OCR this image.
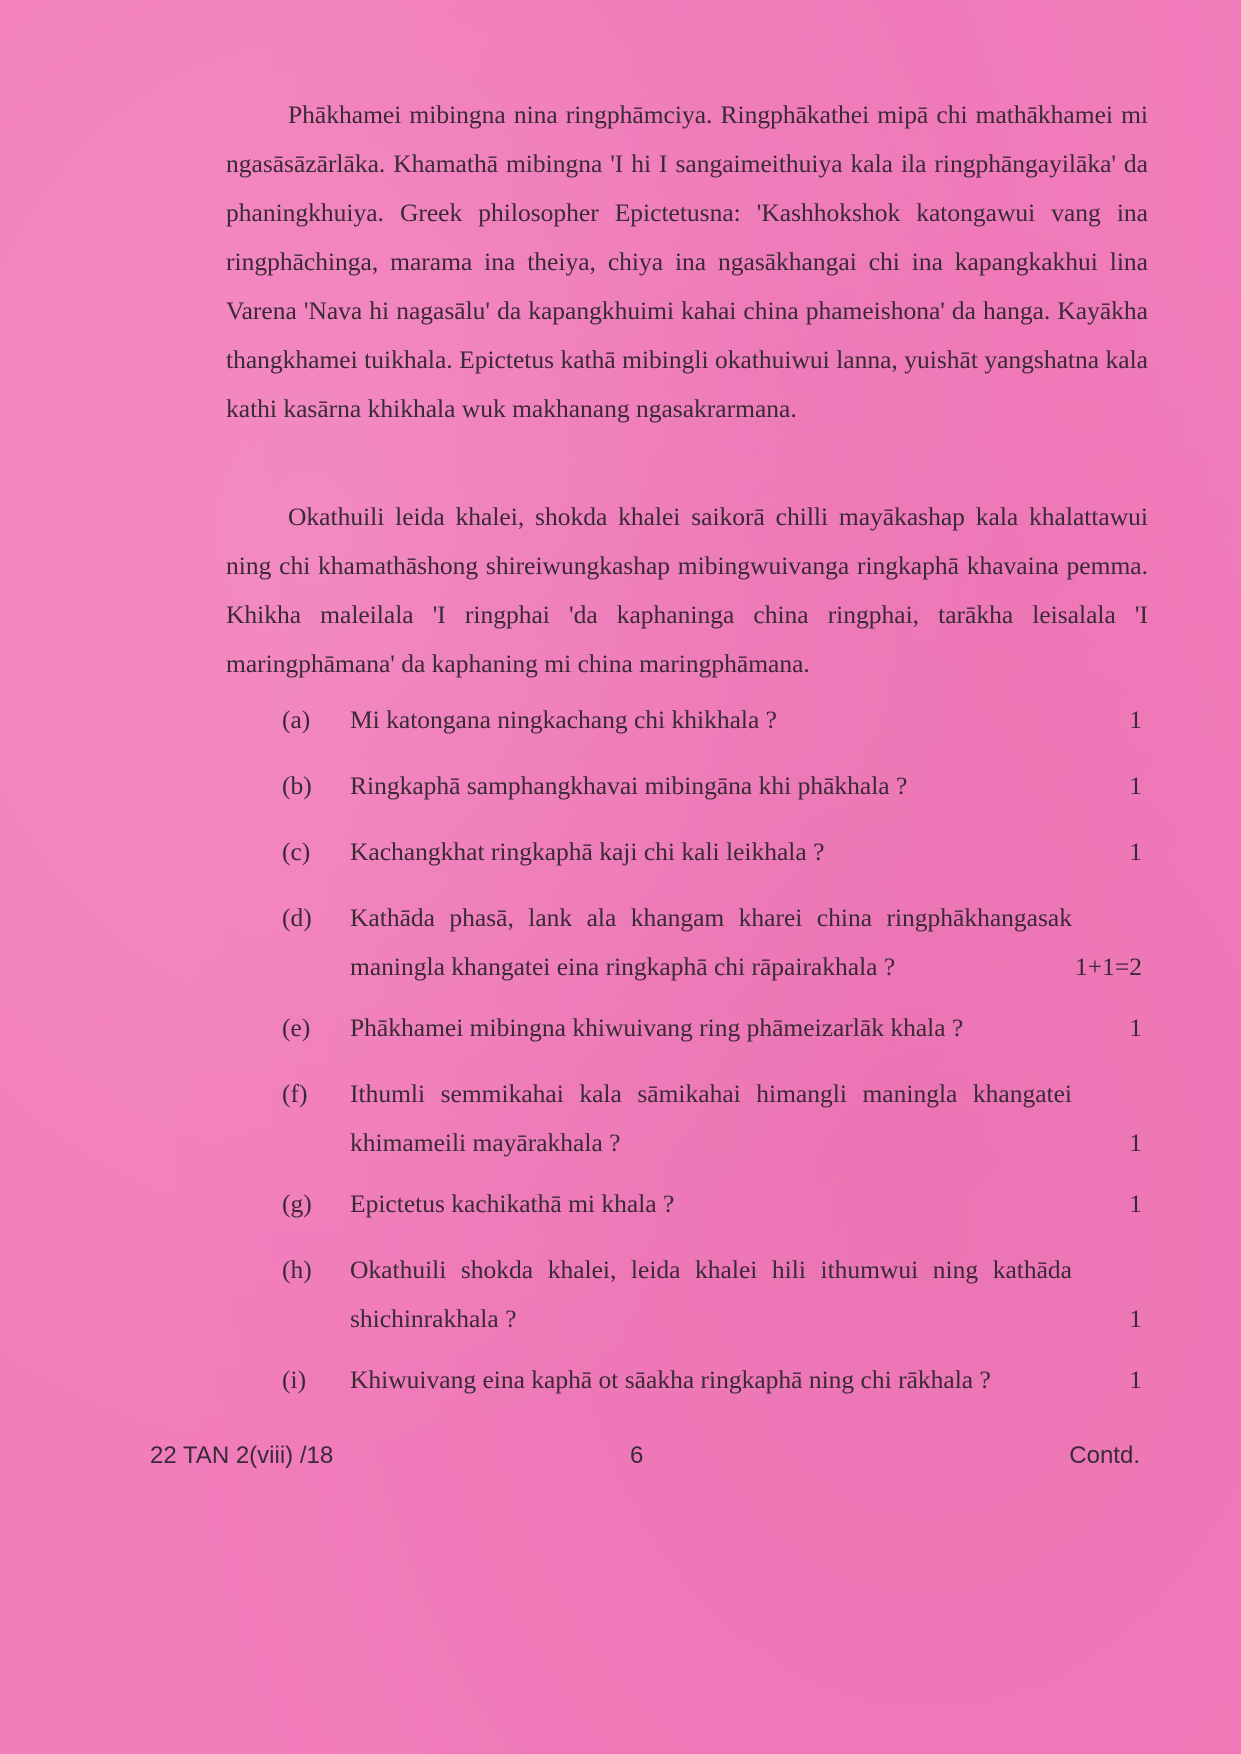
Phākhamei mibingna nina ringphāmciya. Ringphākathei mipā chi mathākhamei mi ngasāsāzārlāka. Khamathā mibingna 'I hi I sangaimeithuiya kala ila ringphāngayilāka' da phaningkhuiya. Greek philosopher Epictetusna: 'Kashhokshok katongawui vang ina ringphāchinga, marama ina theiya, chiya ina ngasākhangai chi ina kapangkakhui lina Varena 'Nava hi nagasālu' da kapangkhuimi kahai china phameishona' da hanga. Kayākha thangkhamei tuikhala. Epictetus kathā mibingli okathuiwui lanna, yuishāt yangshatna kala kathi kasārna khikhala wuk makhanang ngasakrarmana.

Okathuili leida khalei, shokda khalei saikorā chilli mayākashap kala khalattawui ning chi khamathāshong shireiwungkashap mibingwuivanga ringkaphā khavaina pemma. Khikha maleilala 'I ringphai 'da kaphaninga china ringphai, tarākha leisalala 'I maringphāmana' da kaphaning mi china maringphāmana.

(a) Mi katongana ningkachang chi khikhala ?	1
(b) Ringkaphā samphangkhavai mibingāna khi phākhala ?	1
(c) Kachangkhat ringkaphā kaji chi kali leikhala ?	1
(d) Kathāda phasā, lank ala khangam kharei china ringphākhangasak maningla khangatei eina ringkaphā chi rāpairakhala ?	1+1=2
(e) Phākhamei mibingna khiwuivang ring phāmeizarlāk khala ?	1
(f) Ithumli semmikahai kala sāmikahai himangli maningla khangatei khimameili mayārakhala ?	1
(g) Epictetus kachikathā mi khala ?	1
(h) Okathuili shokda khalei, leida khalei hili ithumwui ning kathāda shichinrakhala ?	1
(i) Khiwuivang eina kaphā ot sāakha ringkaphā ning chi rākhala ?	1
22 TAN 2(viii) /18	6	Contd.
